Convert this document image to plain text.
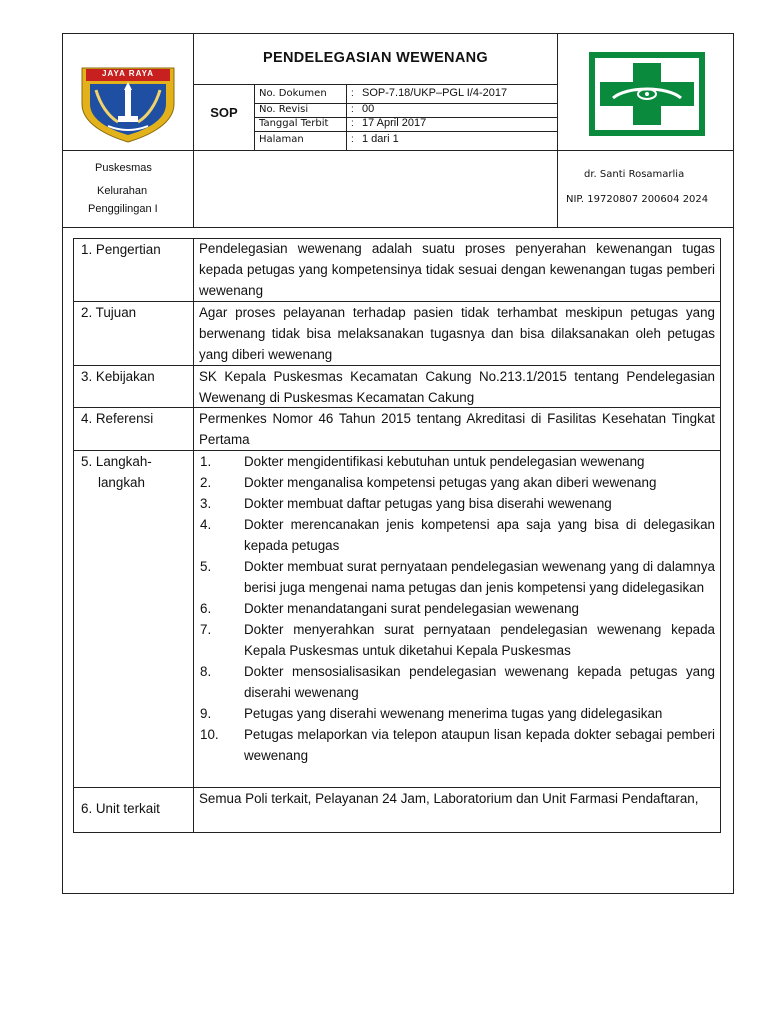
JAYA RAYA
PENDELEGASIAN WEWENANG
SOP
No. Dokumen : SOP-7.18/UKP–PGL I/4-2017
No. Revisi	: 00
Tanggal Terbit : 17 April 2017
Halaman	: 1 dari 1
Puskesmas
Kelurahan
Penggilingan I
dr. Santi Rosamarlia
NIP. 19720807 200604 2024
1. Pengertian	Pendelegasian wewenang adalah suatu proses penyerahan kewenangan tugas kepada petugas yang kompetensinya tidak sesuai dengan kewenangan tugas pemberi wewenang
2. Tujuan	Agar proses pelayanan terhadap pasien tidak terhambat meskipun petugas yang berwenang tidak bisa melaksanakan tugasnya dan bisa dilaksanakan oleh petugas yang diberi wewenang
3. Kebijakan	SK Kepala Puskesmas Kecamatan Cakung No.213.1/2015 tentang Pendelegasian Wewenang di Puskesmas Kecamatan Cakung
4. Referensi	Permenkes Nomor 46 Tahun 2015 tentang Akreditasi di Fasilitas Kesehatan Tingkat Pertama
5. Langkah-
langkah
1.	Dokter mengidentifikasi kebutuhan untuk pendelegasian wewenang
2.	Dokter menganalisa kompetensi petugas yang akan diberi wewenang
3.	Dokter membuat daftar petugas yang bisa diserahi wewenang
4.	Dokter merencanakan jenis kompetensi apa saja yang bisa di delegasikan kepada petugas
5.	Dokter membuat surat pernyataan pendelegasian wewenang yang di dalamnya berisi juga mengenai nama petugas dan jenis kompetensi yang didelegasikan
6.	Dokter menandatangani surat pendelegasian wewenang
7.	Dokter menyerahkan surat pernyataan pendelegasian wewenang kepada Kepala Puskesmas untuk diketahui Kepala Puskesmas
8.	Dokter mensosialisasikan pendelegasian wewenang kepada petugas yang diserahi wewenang
9.	Petugas yang diserahi wewenang menerima tugas yang didelegasikan
10.	Petugas melaporkan via telepon ataupun lisan kepada dokter sebagai pemberi wewenang
6. Unit terkait
Semua Poli terkait, Pelayanan 24 Jam, Laboratorium dan Unit Farmasi Pendaftaran,
